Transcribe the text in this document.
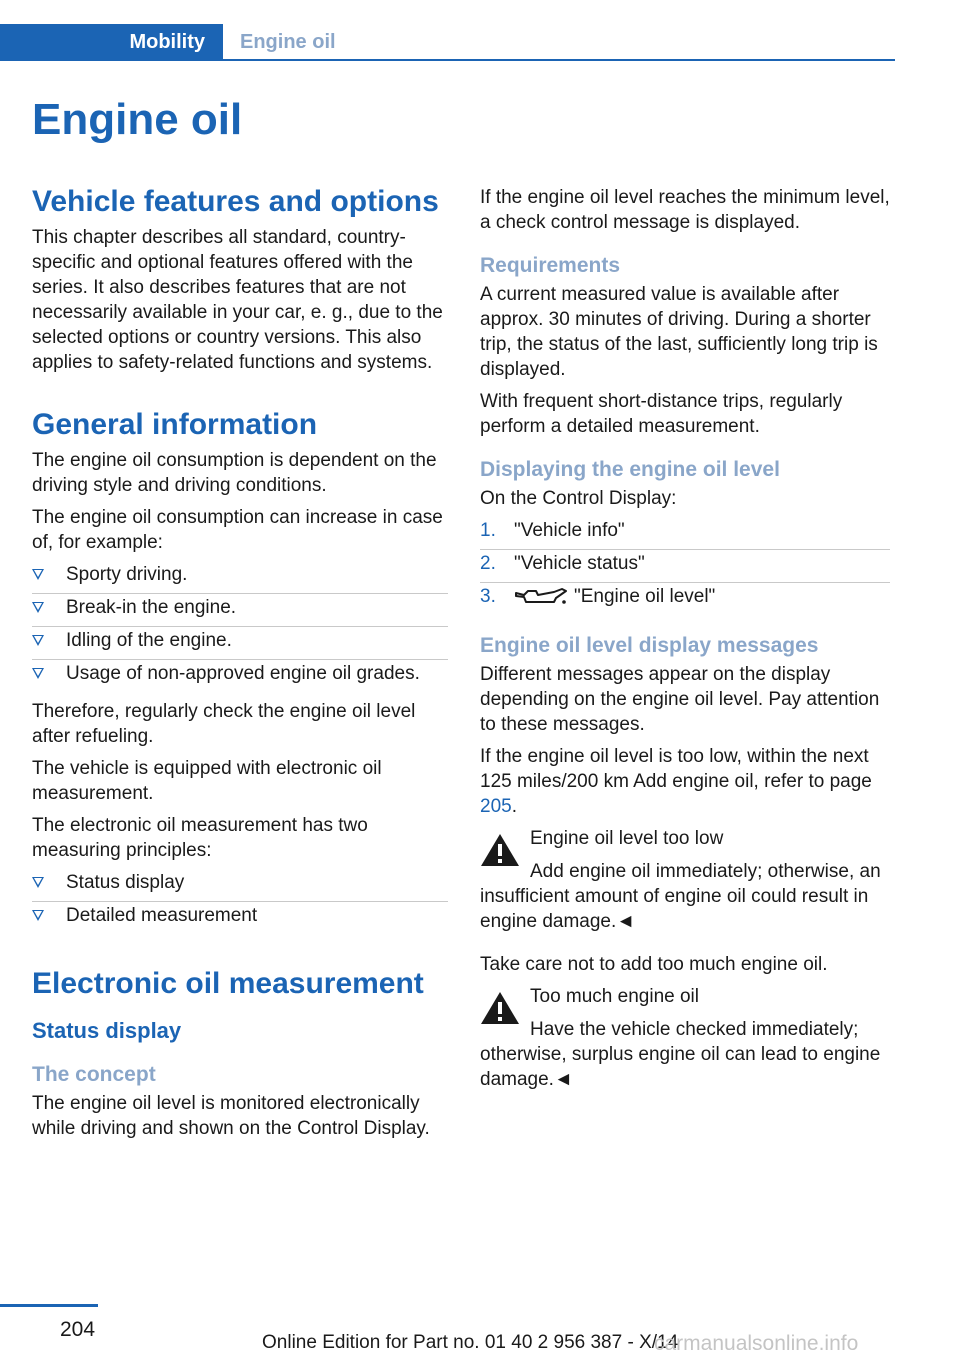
Mobility	Engine oil
Engine oil
Vehicle features and options

This chapter describes all standard, country-specific and optional features offered with the series. It also describes features that are not necessarily available in your car, e. g., due to the selected options or country versions. This also applies to safety-related functions and systems.

General information

The engine oil consumption is dependent on the driving style and driving conditions.

The engine oil consumption can increase in case of, for example:

Sporty driving.
Break-in the engine.
Idling of the engine.
Usage of non-approved engine oil grades.

Therefore, regularly check the engine oil level after refueling.

The vehicle is equipped with electronic oil measurement.

The electronic oil measurement has two measuring principles:

Status display
Detailed measurement
Electronic oil measurement
Status display
The concept

The engine oil level is monitored electronically while driving and shown on the Control Display.

If the engine oil level reaches the minimum level, a check control message is displayed.

Requirements

A current measured value is available after approx. 30 minutes of driving. During a shorter trip, the status of the last, sufficiently long trip is displayed.

With frequent short-distance trips, regularly perform a detailed measurement.

Displaying the engine oil level

On the Control Display:

1. "Vehicle info"
2. "Vehicle status"
3.	"Engine oil level"
Engine oil level display messages

Different messages appear on the display depending on the engine oil level. Pay attention to these messages.

If the engine oil level is too low, within the next 125 miles/200 km Add engine oil, refer to page 205.

Engine oil level too low

Add engine oil immediately; otherwise, an insufficient amount of engine oil could result in engine damage.◄

Take care not to add too much engine oil.

Too much engine oil

Have the vehicle checked immediately; otherwise, surplus engine oil can lead to engine damage.◄

204
Online Edition for Part no. 01 40 2 956 387 - X/14
carmanualsonline.info
